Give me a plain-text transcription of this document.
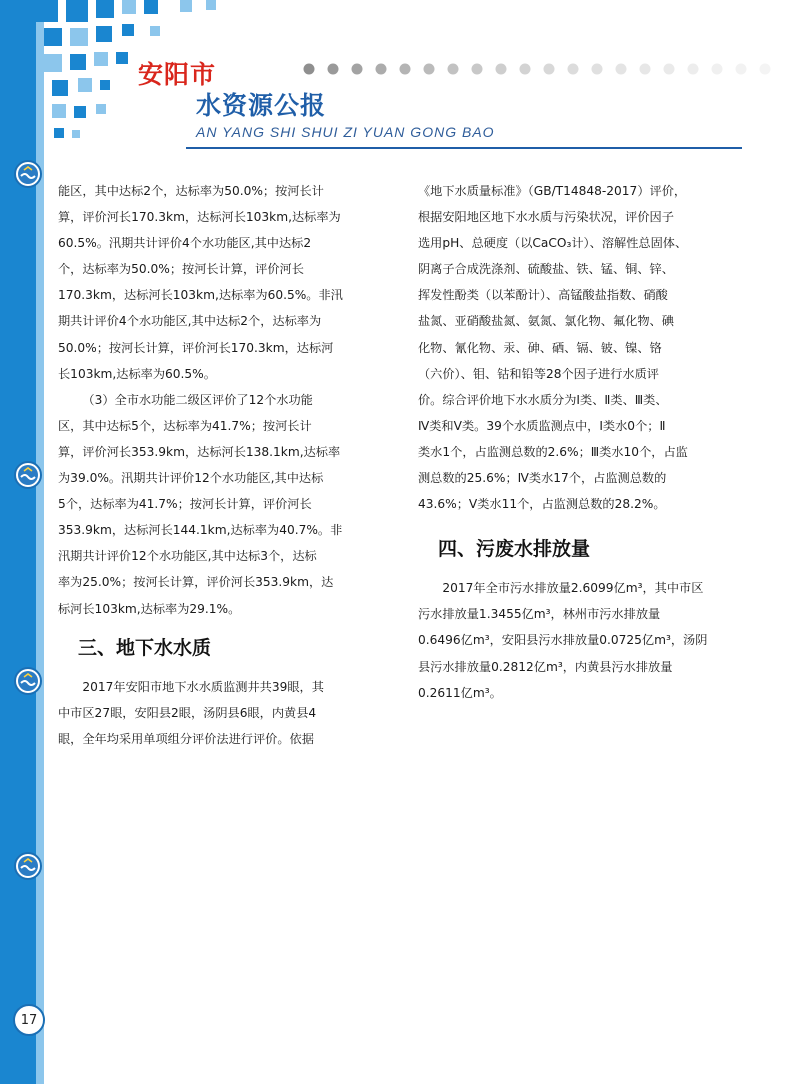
安阳市
水资源公报
AN YANG SHI SHUI ZI YUAN GONG BAO

能区，其中达标2个，达标率为50.0%；按河长计
算，评价河长170.3km，达标河长103km,达标率为
60.5%。汛期共计评价4个水功能区,其中达标2
个，达标率为50.0%；按河长计算，评价河长
170.3km，达标河长103km,达标率为60.5%。非汛
期共计评价4个水功能区,其中达标2个，达标率为
50.0%；按河长计算，评价河长170.3km，达标河
长103km,达标率为60.5%。

（3）全市水功能二级区评价了12个水功能
区，其中达标5个，达标率为41.7%；按河长计
算，评价河长353.9km，达标河长138.1km,达标率
为39.0%。汛期共计评价12个水功能区,其中达标
5个，达标率为41.7%；按河长计算，评价河长
353.9km，达标河长144.1km,达标率为40.7%。非
汛期共计评价12个水功能区,其中达标3个，达标
率为25.0%；按河长计算，评价河长353.9km，达
标河长103km,达标率为29.1%。

三、地下水水质

2017年安阳市地下水水质监测井共39眼，其
中市区27眼，安阳县2眼，汤阴县6眼，内黄县4
眼，全年均采用单项组分评价法进行评价。依据

《地下水质量标准》（GB/T14848-2017）评价，
根据安阳地区地下水水质与污染状况，评价因子
选用pH、总硬度（以CaCO₃计）、溶解性总固体、
阴离子合成洗涤剂、硫酸盐、铁、锰、铜、锌、
挥发性酚类（以苯酚计）、高锰酸盐指数、硝酸
盐氮、亚硝酸盐氮、氨氮、氯化物、氟化物、碘
化物、氰化物、汞、砷、硒、镉、铍、镍、铬
（六价）、钼、钴和铅等28个因子进行水质评
价。综合评价地下水水质分为Ⅰ类、Ⅱ类、Ⅲ类、
Ⅳ类和Ⅴ类。39个水质监测点中，Ⅰ类水0个；Ⅱ
类水1个，占监测总数的2.6%；Ⅲ类水10个，占监
测总数的25.6%；Ⅳ类水17个，占监测总数的
43.6%；Ⅴ类水11个，占监测总数的28.2%。

四、污废水排放量

2017年全市污水排放量2.6099亿m³，其中市区
污水排放量1.3455亿m³，林州市污水排放量
0.6496亿m³，安阳县污水排放量0.0725亿m³，汤阴
县污水排放量0.2812亿m³，内黄县污水排放量
0.2611亿m³。

17
